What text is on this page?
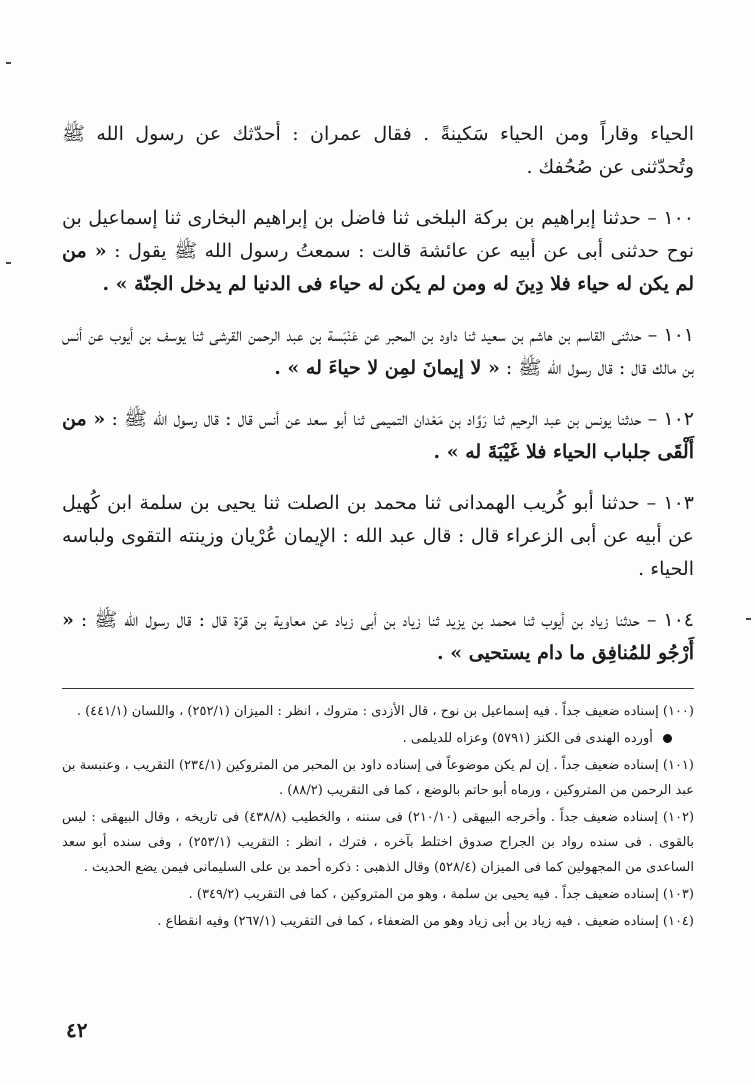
الحياء وقاراً ومن الحياء سَكينةً . فقال عمران : أحدّثك عن رسول الله ﷺ وتُحدّثنى عن صُحُفك .

١٠٠ – حدثنا إبراهيم بن بركة البلخى ثنا فاضل بن إبراهيم البخارى ثنا إسماعيل بن نوح حدثنى أبى عن أبيه عن عائشة قالت : سمعتُ رسول الله ﷺ يقول : « من لم يكن له حياء فلا دِينَ له ومن لم يكن له حياء فى الدنيا لم يدخل الجنّة » .

١٠١ – حدثنى القاسم بن هاشم بن سعيد ثنا داود بن المحبر عن عَنْبَسة بن عبد الرحمن القرشى ثنا يوسف بن أيوب عن أنس بن مالك قال : قال رسول الله ﷺ : « لا إيمانَ لمِن لا حياءَ له » .

١٠٢ – حدثنا يونس بن عبد الرحيم ثنا رَوَّاد بن مَعْدان التميمى ثنا أبو سعد عن أنس قال : قال رسول الله ﷺ : « من أَلْقَى جلباب الحياء فلا غَيْبَةَ له » .

١٠٣ – حدثنا أبو كُريب الهمدانى ثنا محمد بن الصلت ثنا يحيى بن سلمة ابن كُهيل عن أبيه عن أبى الزعراء قال : قال عبد الله : الإيمان عُرْيان وزينته التقوى ولباسه الحياء .

١٠٤ – حدثنا زياد بن أيوب ثنا محمد بن يزيد ثنا زياد بن أبى زياد عن معاوية بن قرّة قال : قال رسول الله ﷺ : « أَرْجُو للمُنافِق ما دام يستحيى » .

(١٠٠) إسناده ضعيف جداً . فيه إسماعيل بن نوح ، قال الأزدى : متروك ، انظر : الميزان (٢٥٢/١) ، واللسان (٤٤١/١) .

أورده الهندى فى الكنز (٥٧٩١) وعزاه للديلمى .

(١٠١) إسناده ضعيف جداً . إن لم يكن موضوعاً فى إسناده داود بن المحبر من المتروكين (٢٣٤/١) التقريب ، وعنبسة بن عبد الرحمن من المتروكين ، ورماه أبو حاتم بالوضع ، كما فى التقريب (٨٨/٢) .

(١٠٢) إسناده ضعيف جداً . وأخرجه البيهقى (٢١٠/١٠) فى سننه ، والخطيب (٤٣٨/٨) فى تاريخه ، وقال البيهقى : ليس بالقوى . فى سنده رواد بن الجراح صدوق اختلط بآخره ، فترك ، انظر : التقريب (٢٥٣/١) ، وفى سنده أبو سعد الساعدى من المجهولين كما فى الميزان (٥٢٨/٤) وقال الذهبى : ذكره أحمد بن على السليمانى فيمن يضع الحديث .

(١٠٣) إسناده ضعيف جداً . فيه يحيى بن سلمة ، وهو من المتروكين ، كما فى التقريب (٣٤٩/٢) .

(١٠٤) إسناده ضعيف . فيه زياد بن أبى زياد وهو من الضعفاء ، كما فى التقريب (٢٦٧/١) وفيه انقطاع .

٤٢
